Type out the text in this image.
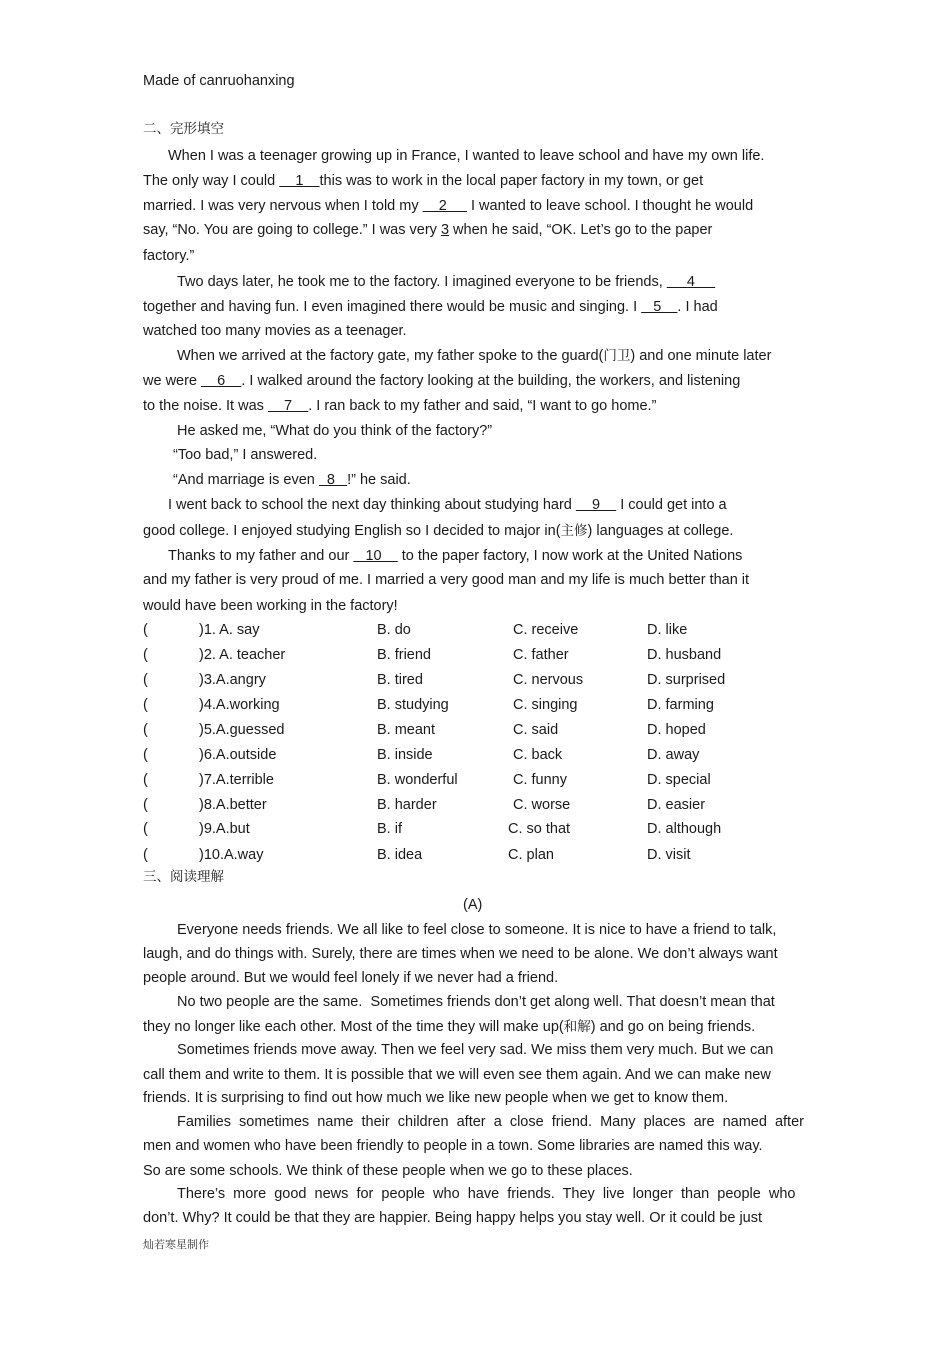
Made of canruohanxing
二、完形填空
When I was a teenager growing up in France, I wanted to leave school and have my own life.
The only way I could     1    this was to work in the local paper factory in my town, or get
married. I was very nervous when I told my     2      I wanted to leave school. I thought he would
say, “No. You are going to college.” I was very 3 when he said, “OK. Let’s go to the paper
factory.”
Two days later, he took me to the factory. I imagined everyone to be friends,      4
together and having fun. I even imagined there would be music and singing. I    5    . I had
watched too many movies as a teenager.
When we arrived at the factory gate, my father spoke to the guard(门卫) and one minute later
we were     6    . I walked around the factory looking at the building, the workers, and listening
to the noise. It was     7    . I ran back to my father and said, “I want to go home.”
He asked me, “What do you think of the factory?”
“Too bad,” I answered.
“And marriage is even   8   !” he said.
I went back to school the next day thinking about studying hard     9     I could get into a
good college. I enjoyed studying English so I decided to major in(主修) languages at college.
Thanks to my father and our    10     to the paper factory, I now work at the United Nations
and my father is very proud of me. I married a very good man and my life is much better than it
would have been working in the factory!
(	)1. A. say	B. do	C. receive	D. like
(	)2. A. teacher	B. friend	C. father	D. husband
(	)3.A.angry	B. tired	C. nervous	D. surprised
(	)4.A.working	B. studying	C. singing	D. farming
(	)5.A.guessed	B. meant	C. said	D. hoped
(	)6.A.outside	B. inside	C. back	D. away
(	)7.A.terrible	B. wonderful	C. funny	D. special
(	)8.A.better	B. harder	C. worse	D. easier
(	)9.A.but	B. if	C. so that	D. although
(	)10.A.way	B. idea	C. plan	D. visit
三、阅读理解
(A)
Everyone needs friends. We all like to feel close to someone. It is nice to have a friend to talk,
laugh, and do things with. Surely, there are times when we need to be alone. We don’t always want
people around. But we would feel lonely if we never had a friend.
No two people are the same.  Sometimes friends don’t get along well. That doesn’t mean that
they no longer like each other. Most of the time they will make up(和解) and go on being friends.
Sometimes friends move away. Then we feel very sad. We miss them very much. But we can
call them and write to them. It is possible that we will even see them again. And we can make new
friends. It is surprising to find out how much we like new people when we get to know them.
Families  sometimes  name  their  children  after  a  close  friend.  Many  places  are  named  after
men and women who have been friendly to people in a town. Some libraries are named this way.
So are some schools. We think of these people when we go to these places.
There’s  more  good  news  for  people  who  have  friends.  They  live  longer  than  people  who
don’t. Why? It could be that they are happier. Being happy helps you stay well. Or it could be just
灿若寒星制作
